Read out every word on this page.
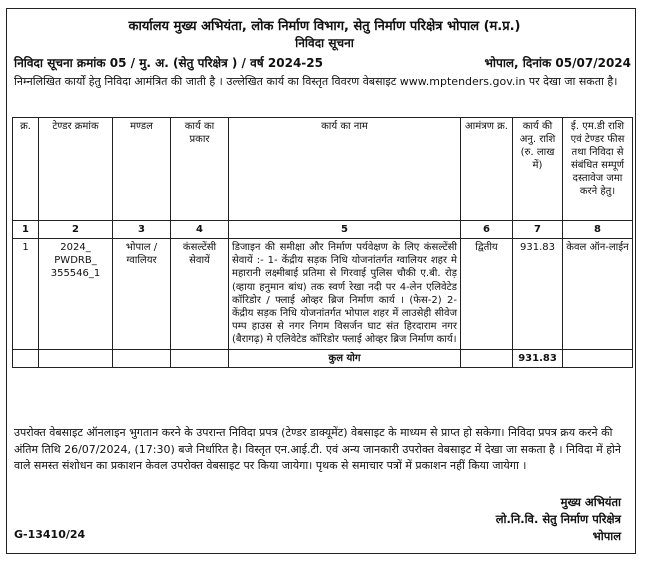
कार्यालय मुख्य अभियंता, लोक निर्माण विभाग, सेतु निर्माण परिक्षेत्र भोपाल (म.प्र.)
निविदा सूचना
निविदा सूचना क्रमांक 05 / मु. अ. (सेतु परिक्षेत्र ) / वर्ष 2024-25	भोपाल, दिनांक 05/07/2024
निम्नलिखित कार्यों हेतु निविदा आमंत्रित की जाती है । उल्लेखित कार्य का विस्तृत विवरण वेबसाइट www.mptenders.gov.in पर देखा जा सकता है।
क्र.	टेण्डर क्रमांक	मण्डल	कार्य का प्रकार	कार्य का नाम	आमंत्रण क्र.	कार्य की अनु. राशि (रु. लाख में)	ई. एम.डी राशि एवं टेण्डर फीस तथा निविदा से संबंधित सम्पूर्ण दस्तावेज जमा करने हेतु।
1	2	3	4	5	6	7	8
1	2024_ PWDRB_ 355546_1	भोपाल / ग्वालियर	कंसल्टेंसी सेवायें	डिजाइन की समीक्षा और निर्माण पर्यवेक्षण के लिए कंसल्टेंसी सेवायें :- 1- केंद्रीय सड़क निधि योजनांतर्गत ग्वालियर शहर मे महारानी लक्ष्मीबाई प्रतिमा से गिरवाई पुलिस चौकी ए.बी. रोड़ (व्हाया हनुमान बांध) तक स्वर्ण रेखा नदी पर 4-लेन एलिवेटेड कॉरिडोर / फ्लाई ओव्हर ब्रिज निर्माण कार्य । (फेस-2) 2- केंद्रीय सड़क निधि योजनांतर्गत भोपाल शहर में लाउसेही सीवेज पम्प हाउस से नगर निगम विसर्जन घाट संत हिरदाराम नगर (बैरागढ़) मे एलिवेटेड कॉरिडोर फ्लाई ओव्हर ब्रिज निर्माण कार्य।	द्वितीय	931.83	केवल ऑन-लाईन
				कुल योग		931.83	
उपरोक्त वेबसाइट ऑनलाइन भुगतान करने के उपरान्त निविदा प्रपत्र (टेण्डर डाक्यूमेंट) वेबसाइट के माध्यम से प्राप्त हो सकेगा। निविदा प्रपत्र क्रय करने की अंतिम तिथि 26/07/2024, (17:30) बजे निर्धारित है। विस्तृत एन.आई.टी. एवं अन्य जानकारी उपरोक्त वेबसाइट में देखा जा सकता है । निविदा में होने वाले समस्त संशोधन का प्रकाशन केवल उपरोक्त वेबसाइट पर किया जायेगा। पृथक से समाचार पत्रों में प्रकाशन नहीं किया जायेगा ।
मुख्य अभियंता
लो.नि.वि. सेतु निर्माण परिक्षेत्र
भोपाल
G-13410/24
